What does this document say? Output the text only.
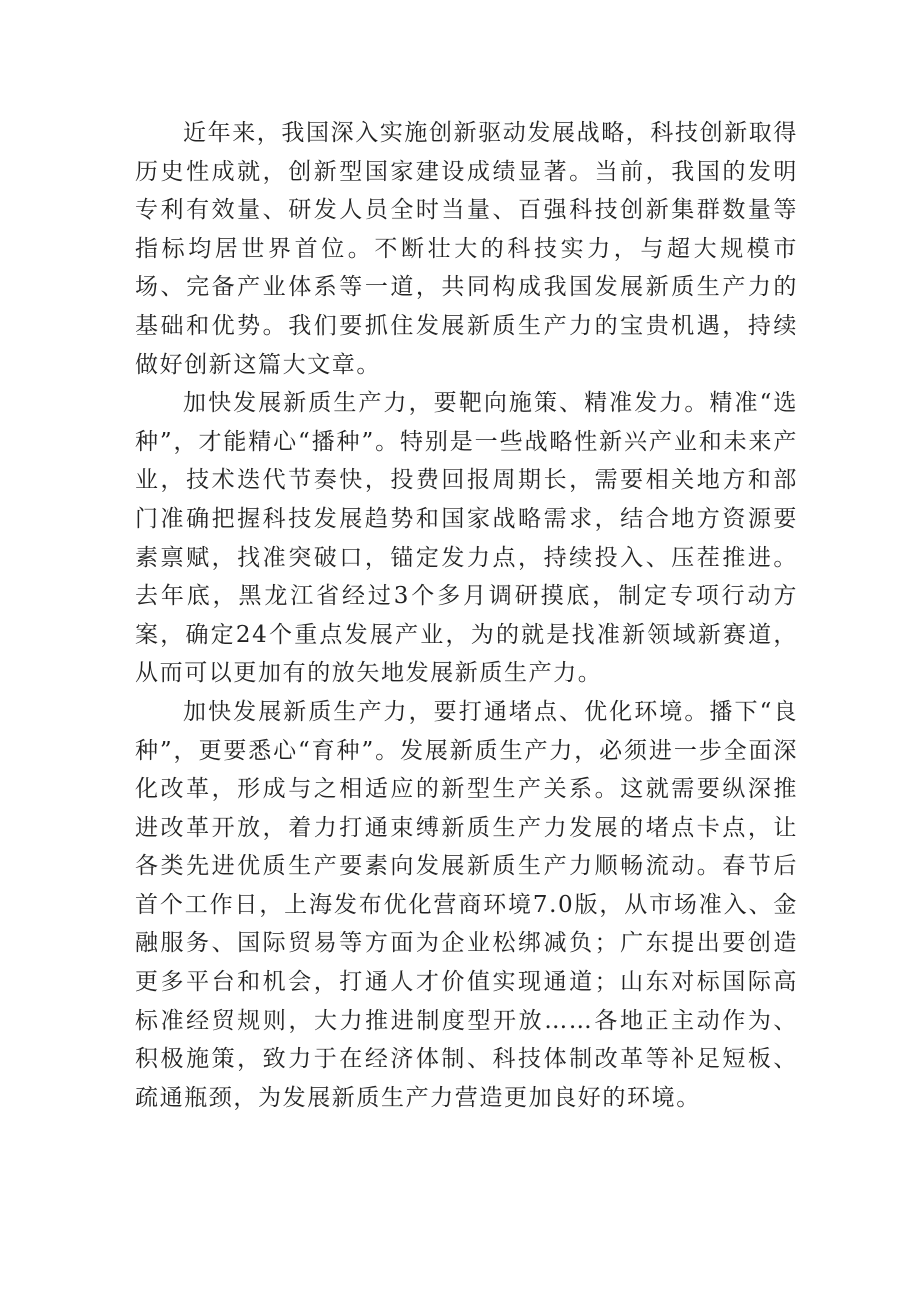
近年来，我国深入实施创新驱动发展战略，科技创新取得历史性成就，创新型国家建设成绩显著。当前，我国的发明专利有效量、研发人员全时当量、百强科技创新集群数量等指标均居世界首位。不断壮大的科技实力，与超大规模市场、完备产业体系等一道，共同构成我国发展新质生产力的基础和优势。我们要抓住发展新质生产力的宝贵机遇，持续做好创新这篇大文章。

加快发展新质生产力，要靶向施策、精准发力。精准“选种”，才能精心“播种”。特别是一些战略性新兴产业和未来产业，技术迭代节奏快，投费回报周期长，需要相关地方和部门准确把握科技发展趋势和国家战略需求，结合地方资源要素禀赋，找准突破口，锚定发力点，持续投入、压茬推进。去年底，黑龙江省经过3个多月调研摸底，制定专项行动方案，确定24个重点发展产业，为的就是找准新领域新赛道，从而可以更加有的放矢地发展新质生产力。

加快发展新质生产力，要打通堵点、优化环境。播下“良种”，更要悉心“育种”。发展新质生产力，必须进一步全面深化改革，形成与之相适应的新型生产关系。这就需要纵深推进改革开放，着力打通束缚新质生产力发展的堵点卡点，让各类先进优质生产要素向发展新质生产力顺畅流动。春节后首个工作日，上海发布优化营商环境7.0版，从市场准入、金融服务、国际贸易等方面为企业松绑减负；广东提出要创造更多平台和机会，打通人才价值实现通道；山东对标国际高标准经贸规则，大力推进制度型开放……各地正主动作为、积极施策，致力于在经济体制、科技体制改革等补足短板、疏通瓶颈，为发展新质生产力营造更加良好的环境。
